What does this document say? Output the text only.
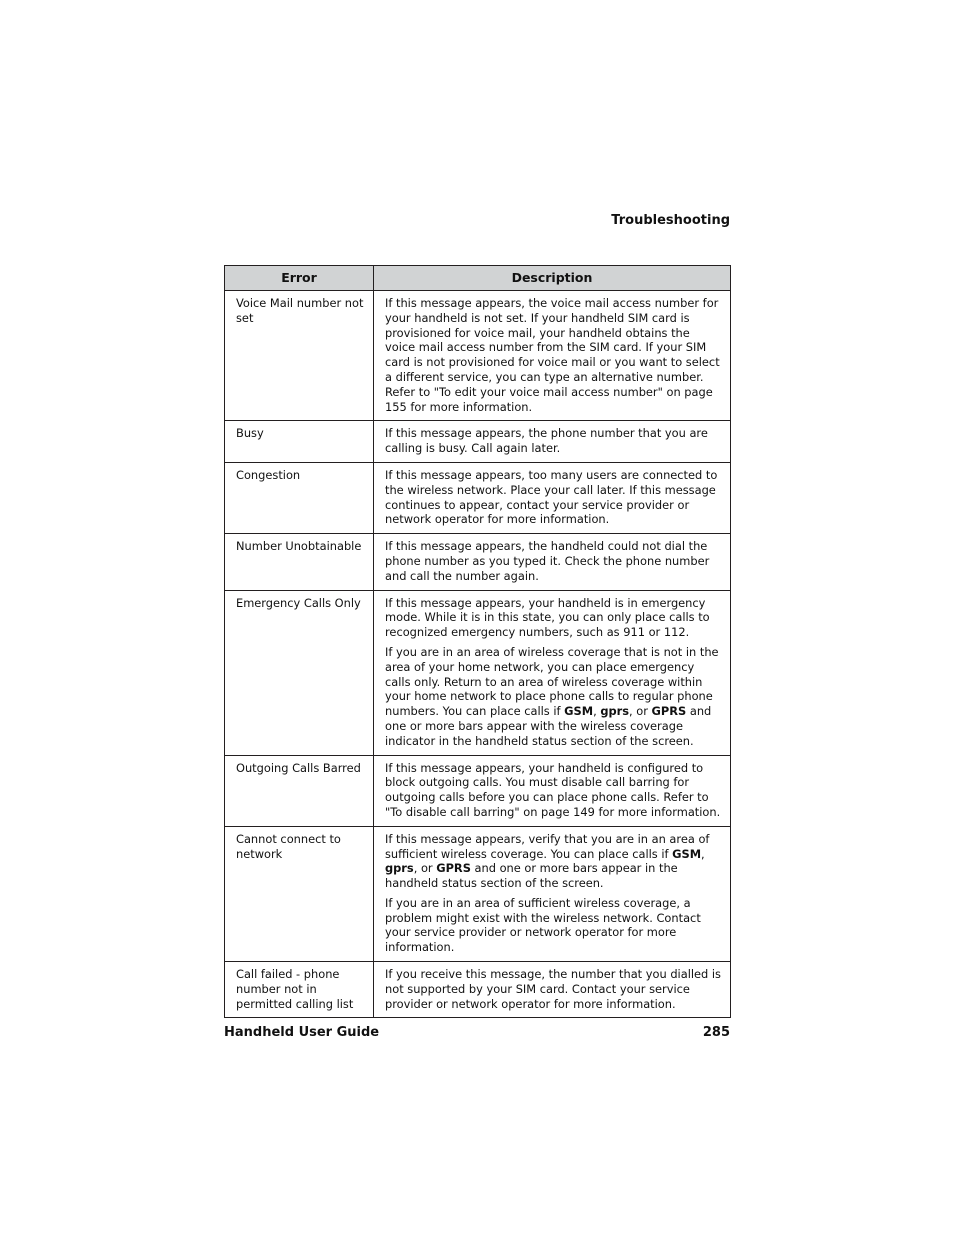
Troubleshooting
Error	Description
Voice Mail number not set	If this message appears, the voice mail access number for your handheld is not set. If your handheld SIM card is provisioned for voice mail, your handheld obtains the voice mail access number from the SIM card. If your SIM card is not provisioned for voice mail or you want to select a different service, you can type an alternative number. Refer to "To edit your voice mail access number" on page 155 for more information.

Busy	If this message appears, the phone number that you are calling is busy. Call again later.

Congestion	If this message appears, too many users are connected to the wireless network. Place your call later. If this message continues to appear, contact your service provider or network operator for more information.

Number Unobtainable	If this message appears, the handheld could not dial the phone number as you typed it. Check the phone number and call the number again.

Emergency Calls Only	If this message appears, your handheld is in emergency mode. While it is in this state, you can only place calls to recognized emergency numbers, such as 911 or 112.

If you are in an area of wireless coverage that is not in the area of your home network, you can place emergency calls only. Return to an area of wireless coverage within your home network to place phone calls to regular phone numbers. You can place calls if GSM, gprs, or GPRS and one or more bars appear with the wireless coverage indicator in the handheld status section of the screen.

Outgoing Calls Barred	If this message appears, your handheld is configured to block outgoing calls. You must disable call barring for outgoing calls before you can place phone calls. Refer to "To disable call barring" on page 149 for more information.

Cannot connect to network	If this message appears, verify that you are in an area of sufficient wireless coverage. You can place calls if GSM, gprs, or GPRS and one or more bars appear in the handheld status section of the screen.

If you are in an area of sufficient wireless coverage, a problem might exist with the wireless network. Contact your service provider or network operator for more information.

Call failed - phone number not in permitted calling list	If you receive this message, the number that you dialled is not supported by your SIM card. Contact your service provider or network operator for more information.

Handheld User Guide	285
